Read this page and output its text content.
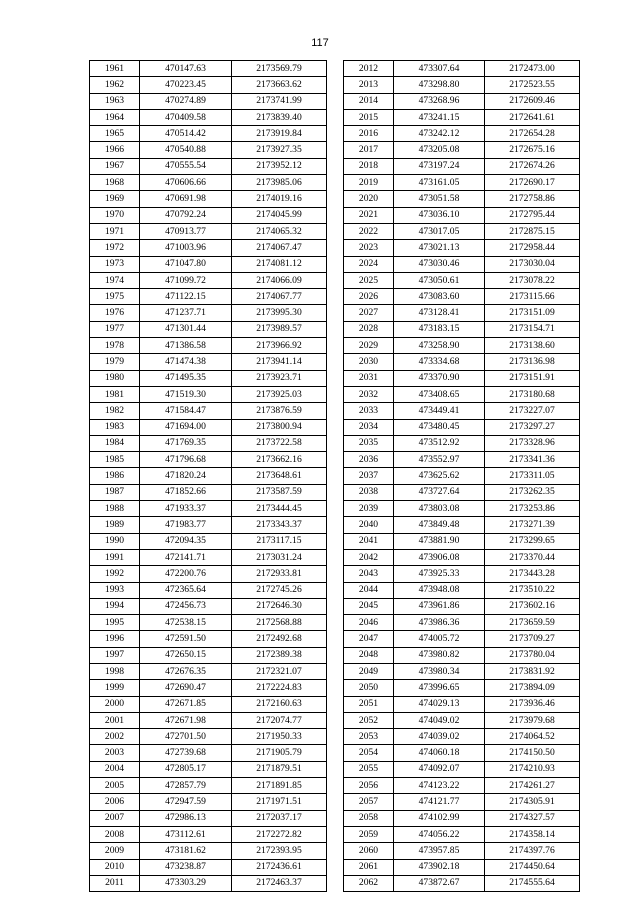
117
1961	470147.63	2173569.79
1962	470223.45	2173663.62
1963	470274.89	2173741.99
1964	470409.58	2173839.40
1965	470514.42	2173919.84
1966	470540.88	2173927.35
1967	470555.54	2173952.12
1968	470606.66	2173985.06
1969	470691.98	2174019.16
1970	470792.24	2174045.99
1971	470913.77	2174065.32
1972	471003.96	2174067.47
1973	471047.80	2174081.12
1974	471099.72	2174066.09
1975	471122.15	2174067.77
1976	471237.71	2173995.30
1977	471301.44	2173989.57
1978	471386.58	2173966.92
1979	471474.38	2173941.14
1980	471495.35	2173923.71
1981	471519.30	2173925.03
1982	471584.47	2173876.59
1983	471694.00	2173800.94
1984	471769.35	2173722.58
1985	471796.68	2173662.16
1986	471820.24	2173648.61
1987	471852.66	2173587.59
1988	471933.37	2173444.45
1989	471983.77	2173343.37
1990	472094.35	2173117.15
1991	472141.71	2173031.24
1992	472200.76	2172933.81
1993	472365.64	2172745.26
1994	472456.73	2172646.30
1995	472538.15	2172568.88
1996	472591.50	2172492.68
1997	472650.15	2172389.38
1998	472676.35	2172321.07
1999	472690.47	2172224.83
2000	472671.85	2172160.63
2001	472671.98	2172074.77
2002	472701.50	2171950.33
2003	472739.68	2171905.79
2004	472805.17	2171879.51
2005	472857.79	2171891.85
2006	472947.59	2171971.51
2007	472986.13	2172037.17
2008	473112.61	2172272.82
2009	473181.62	2172393.95
2010	473238.87	2172436.61
2011	473303.29	2172463.37
2012	473307.64	2172473.00
2013	473298.80	2172523.55
2014	473268.96	2172609.46
2015	473241.15	2172641.61
2016	473242.12	2172654.28
2017	473205.08	2172675.16
2018	473197.24	2172674.26
2019	473161.05	2172690.17
2020	473051.58	2172758.86
2021	473036.10	2172795.44
2022	473017.05	2172875.15
2023	473021.13	2172958.44
2024	473030.46	2173030.04
2025	473050.61	2173078.22
2026	473083.60	2173115.66
2027	473128.41	2173151.09
2028	473183.15	2173154.71
2029	473258.90	2173138.60
2030	473334.68	2173136.98
2031	473370.90	2173151.91
2032	473408.65	2173180.68
2033	473449.41	2173227.07
2034	473480.45	2173297.27
2035	473512.92	2173328.96
2036	473552.97	2173341.36
2037	473625.62	2173311.05
2038	473727.64	2173262.35
2039	473803.08	2173253.86
2040	473849.48	2173271.39
2041	473881.90	2173299.65
2042	473906.08	2173370.44
2043	473925.33	2173443.28
2044	473948.08	2173510.22
2045	473961.86	2173602.16
2046	473986.36	2173659.59
2047	474005.72	2173709.27
2048	473980.82	2173780.04
2049	473980.34	2173831.92
2050	473996.65	2173894.09
2051	474029.13	2173936.46
2052	474049.02	2173979.68
2053	474039.02	2174064.52
2054	474060.18	2174150.50
2055	474092.07	2174210.93
2056	474123.22	2174261.27
2057	474121.77	2174305.91
2058	474102.99	2174327.57
2059	474056.22	2174358.14
2060	473957.85	2174397.76
2061	473902.18	2174450.64
2062	473872.67	2174555.64
